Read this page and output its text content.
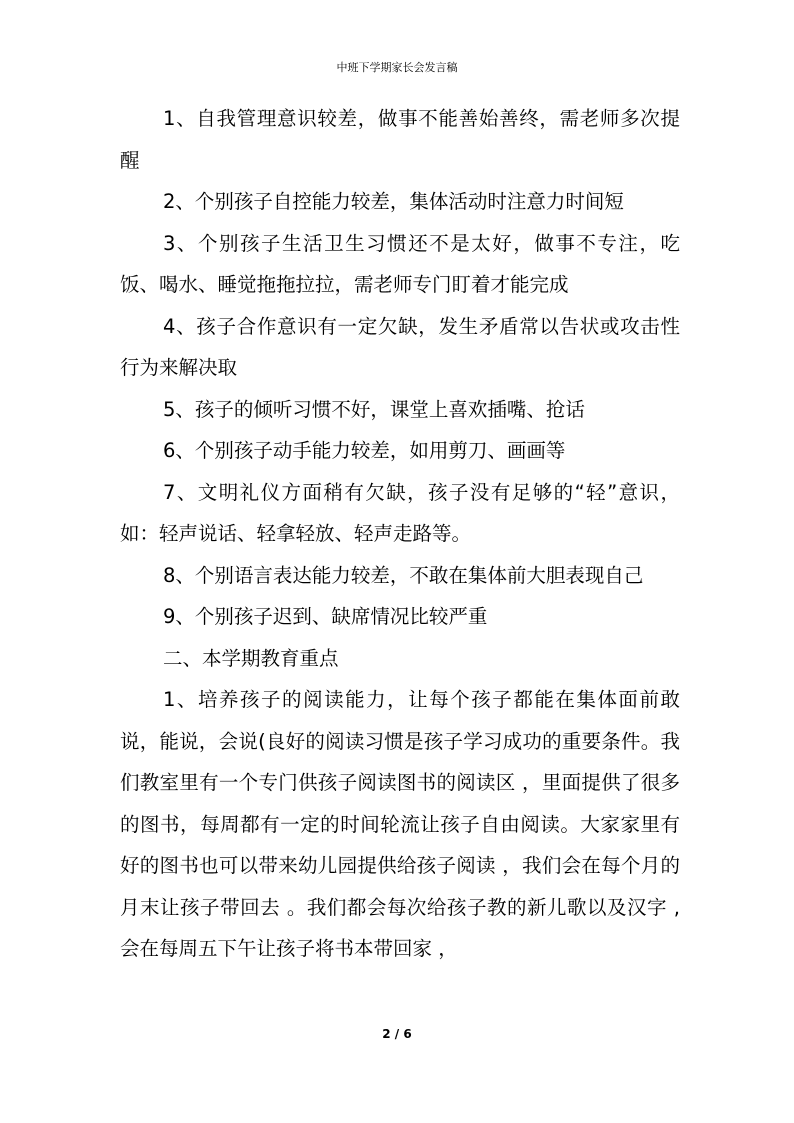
中班下学期家长会发言稿

1、自我管理意识较差，做事不能善始善终，需老师多次提醒

2、个别孩子自控能力较差，集体活动时注意力时间短

3、个别孩子生活卫生习惯还不是太好，做事不专注，吃饭、喝水、睡觉拖拖拉拉，需老师专门盯着才能完成

4、孩子合作意识有一定欠缺，发生矛盾常以告状或攻击性行为来解决取

5、孩子的倾听习惯不好，课堂上喜欢插嘴、抢话

6、个别孩子动手能力较差，如用剪刀、画画等

7、文明礼仪方面稍有欠缺，孩子没有足够的“轻”意识，如：轻声说话、轻拿轻放、轻声走路等。

8、个别语言表达能力较差，不敢在集体前大胆表现自己

9、个别孩子迟到、缺席情况比较严重

二、本学期教育重点

1、培养孩子的阅读能力，让每个孩子都能在集体面前敢说，能说，会说(良好的阅读习惯是孩子学习成功的重要条件。我们教室里有一个专门供孩子阅读图书的阅读区 ，里面提供了很多的图书，每周都有一定的时间轮流让孩子自由阅读。大家家里有好的图书也可以带来幼儿园提供给孩子阅读 ，我们会在每个月的月末让孩子带回去 。我们都会每次给孩子教的新儿歌以及汉字 ,会在每周五下午让孩子将书本带回家 ，

2 / 6
